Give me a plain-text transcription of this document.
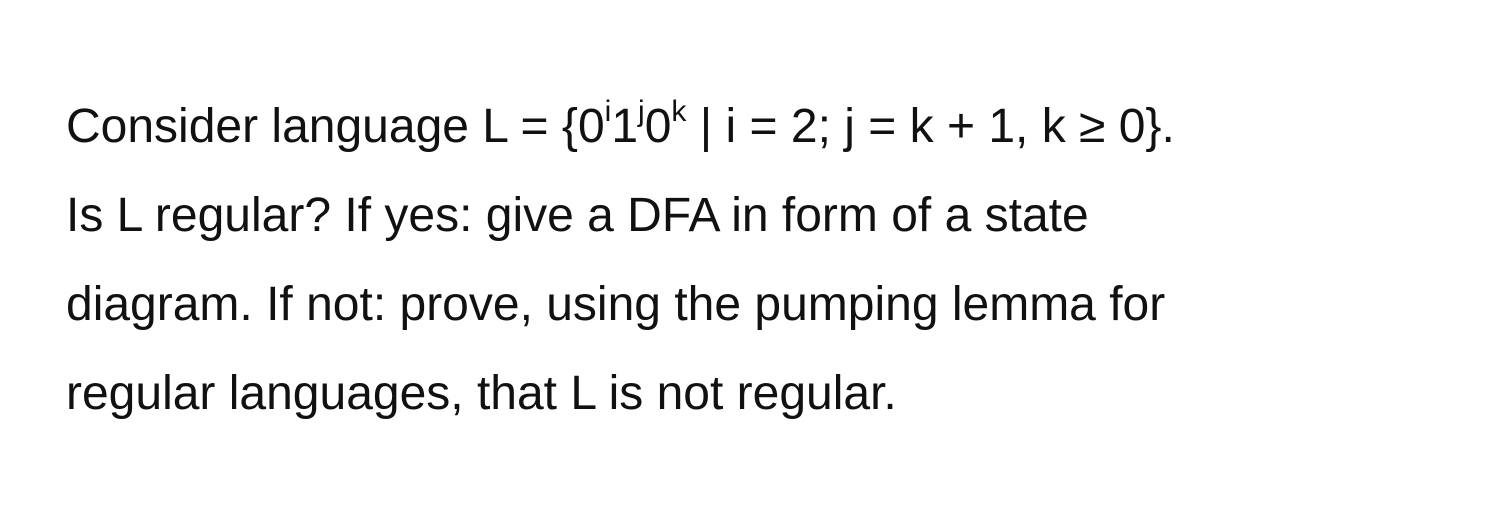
Consider language $L = \{0^i1^j0^k$ | i = 2; j = k + 1, k ≥ 0}.
Is L regular? If yes: give a DFA in form of a state
diagram. If not: prove, using the pumping lemma for
regular languages, that L is not regular.
